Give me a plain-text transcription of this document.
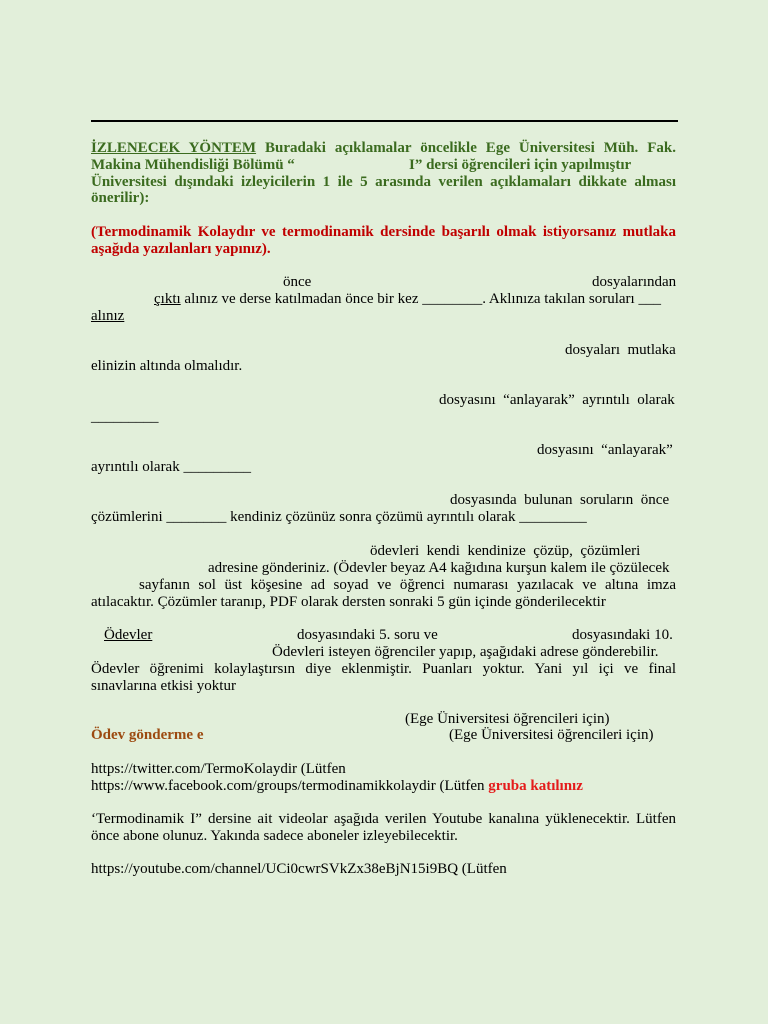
İZLENECEK YÖNTEM Buradaki açıklamalar öncelikle Ege Üniversitesi Müh. Fak.
Makina Mühendisliği Bölümü “	I” dersi öğrencileri için yapılmıştır
Üniversitesi dışındaki izleyicilerin 1 ile 5 arasında verilen açıklamaları dikkate alması
önerilir):
(Termodinamik Kolaydır ve termodinamik dersinde başarılı olmak istiyorsanız mutlaka
aşağıda yazılanları yapınız).
önce	dosyalarından
çıktı alınız ve derse katılmadan önce bir kez ________. Aklınıza takılan soruları ___
alınız
dosyaları  mutlaka
elinizin altında olmalıdır.
dosyasını  “anlayarak”  ayrıntılı  olarak
_________
dosyasını  “anlayarak”
ayrıntılı olarak _________
dosyasında  bulunan  soruların  önce
çözümlerini ________ kendiniz çözünüz sonra çözümü ayrıntılı olarak _________
ödevleri  kendi  kendinize  çözüp,  çözümleri
adresine gönderiniz. (Ödevler beyaz A4 kağıdına kurşun kalem ile çözülecek
sayfanın sol üst köşesine ad soyad ve öğrenci numarası yazılacak ve altına imza
atılacaktır. Çözümler taranıp, PDF olarak dersten sonraki 5 gün içinde gönderilecektir
Ödevler	dosyasındaki 5. soru ve	dosyasındaki 10.
Ödevleri isteyen öğrenciler yapıp, aşağıdaki adrese gönderebilir.
Ödevler öğrenimi kolaylaştırsın diye eklenmiştir. Puanları yoktur. Yani yıl içi ve final
sınavlarına etkisi yoktur
(Ege Üniversitesi öğrencileri için)
Ödev gönderme e	(Ege Üniversitesi öğrencileri için)
https://twitter.com/TermoKolaydir (Lütfen
https://www.facebook.com/groups/termodinamikkolaydir (Lütfen gruba katılınız
‘Termodinamik I” dersine ait videolar aşağıda verilen Youtube kanalına yüklenecektir. Lütfen
önce abone olunuz. Yakında sadece aboneler izleyebilecektir.
https://youtube.com/channel/UCi0cwrSVkZx38eBjN15i9BQ (Lütfen
